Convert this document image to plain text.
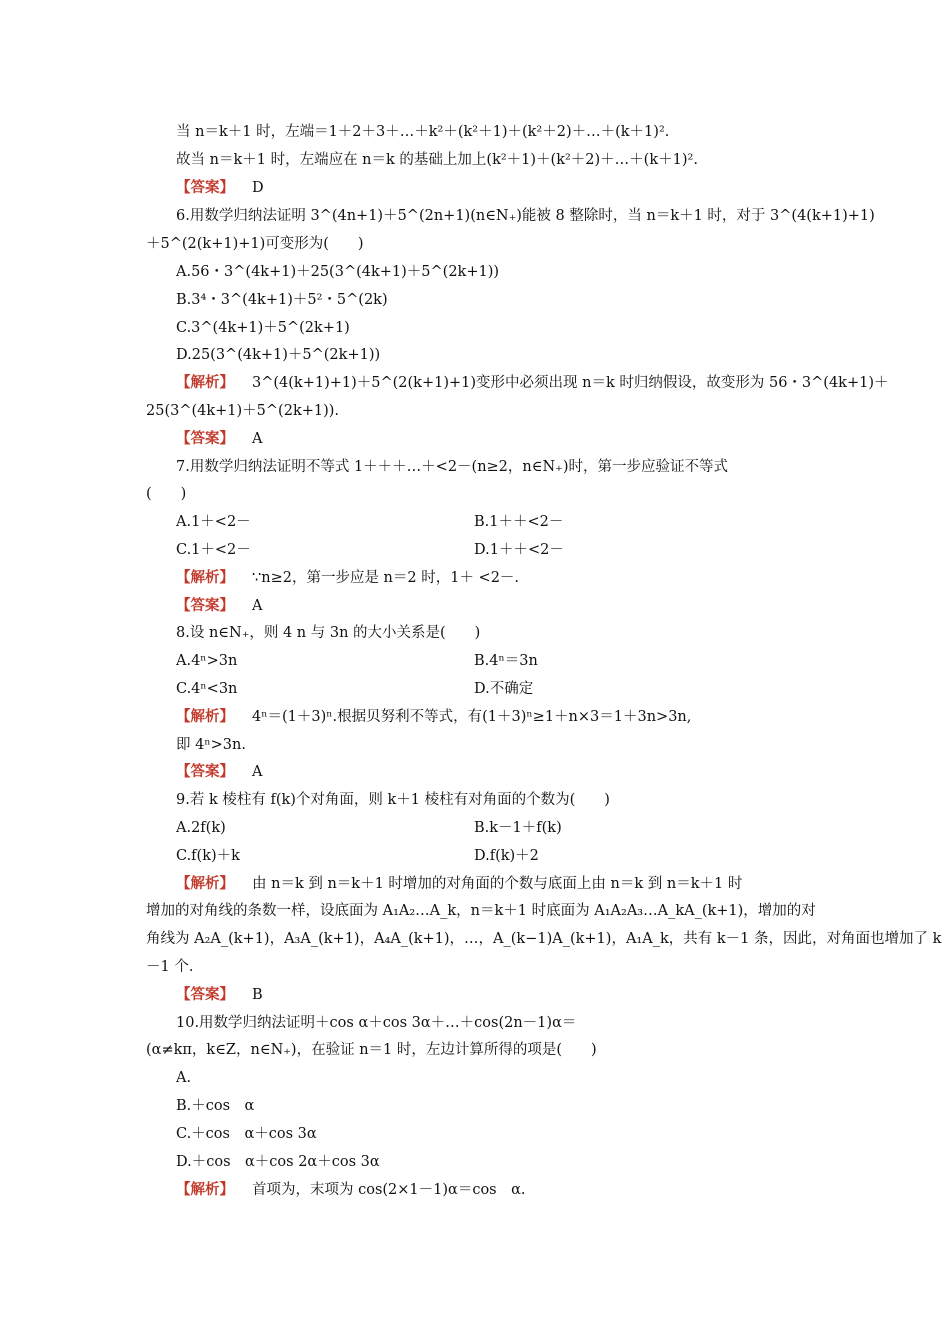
当 n＝k＋1 时，左端＝1＋2＋3＋…＋k²＋(k²＋1)＋(k²＋2)＋…＋(k＋1)².
故当 n＝k＋1 时，左端应在 n＝k 的基础上加上(k²＋1)＋(k²＋2)＋…＋(k＋1)².
【答案】 D
6.用数学归纳法证明 3^(4n+1)＋5^(2n+1)(n∈N₊)能被 8 整除时，当 n＝k＋1 时，对于 3^(4(k+1)+1)
＋5^(2(k+1)+1)可变形为(　　)
A.56・3^(4k+1)＋25(3^(4k+1)＋5^(2k+1))
B.3⁴・3^(4k+1)＋5²・5^(2k)
C.3^(4k+1)＋5^(2k+1)
D.25(3^(4k+1)＋5^(2k+1))
【解析】 3^(4(k+1)+1)＋5^(2(k+1)+1)变形中必须出现 n＝k 时归纳假设，故变形为 56・3^(4k+1)＋
25(3^(4k+1)＋5^(2k+1)).
【答案】 A
7.用数学归纳法证明不等式 1＋＋＋…＋<2－(n≥2，n∈N₊)时，第一步应验证不等式
(　　)
A.1＋<2－	B.1＋＋<2－
C.1＋<2－	D.1＋＋<2－
【解析】 ∵n≥2，第一步应是 n＝2 时，1＋ <2－.
【答案】 A
8.设 n∈N₊，则 4 n 与 3n 的大小关系是(　　)
A.4ⁿ>3n	B.4ⁿ＝3n
C.4ⁿ<3n	D.不确定
【解析】 4ⁿ＝(1＋3)ⁿ.根据贝努利不等式，有(1＋3)ⁿ≥1＋n×3＝1＋3n>3n,
即 4ⁿ>3n.
【答案】 A
9.若 k 棱柱有 f(k)个对角面，则 k＋1 棱柱有对角面的个数为(　　)
A.2f(k)	B.k－1＋f(k)
C.f(k)＋k	D.f(k)＋2
【解析】 由 n＝k 到 n＝k＋1 时增加的对角面的个数与底面上由 n＝k 到 n＝k＋1 时
增加的对角线的条数一样，设底面为 A₁A₂…A_k，n＝k＋1 时底面为 A₁A₂A₃…A_kA_(k+1)，增加的对
角线为 A₂A_(k+1)，A₃A_(k+1)，A₄A_(k+1)，…，A_(k−1)A_(k+1)，A₁A_k，共有 k－1 条，因此，对角面也增加了 k
－1 个.
【答案】 B
10.用数学归纳法证明＋cos α＋cos 3α＋…＋cos(2n－1)α＝
(α≠kπ，k∈Z，n∈N₊)，在验证 n＝1 时，左边计算所得的项是(　　)
A.
B.＋cos　α
C.＋cos　α＋cos 3α
D.＋cos　α＋cos 2α＋cos 3α
【解析】 首项为，末项为 cos(2×1－1)α＝cos　α.
